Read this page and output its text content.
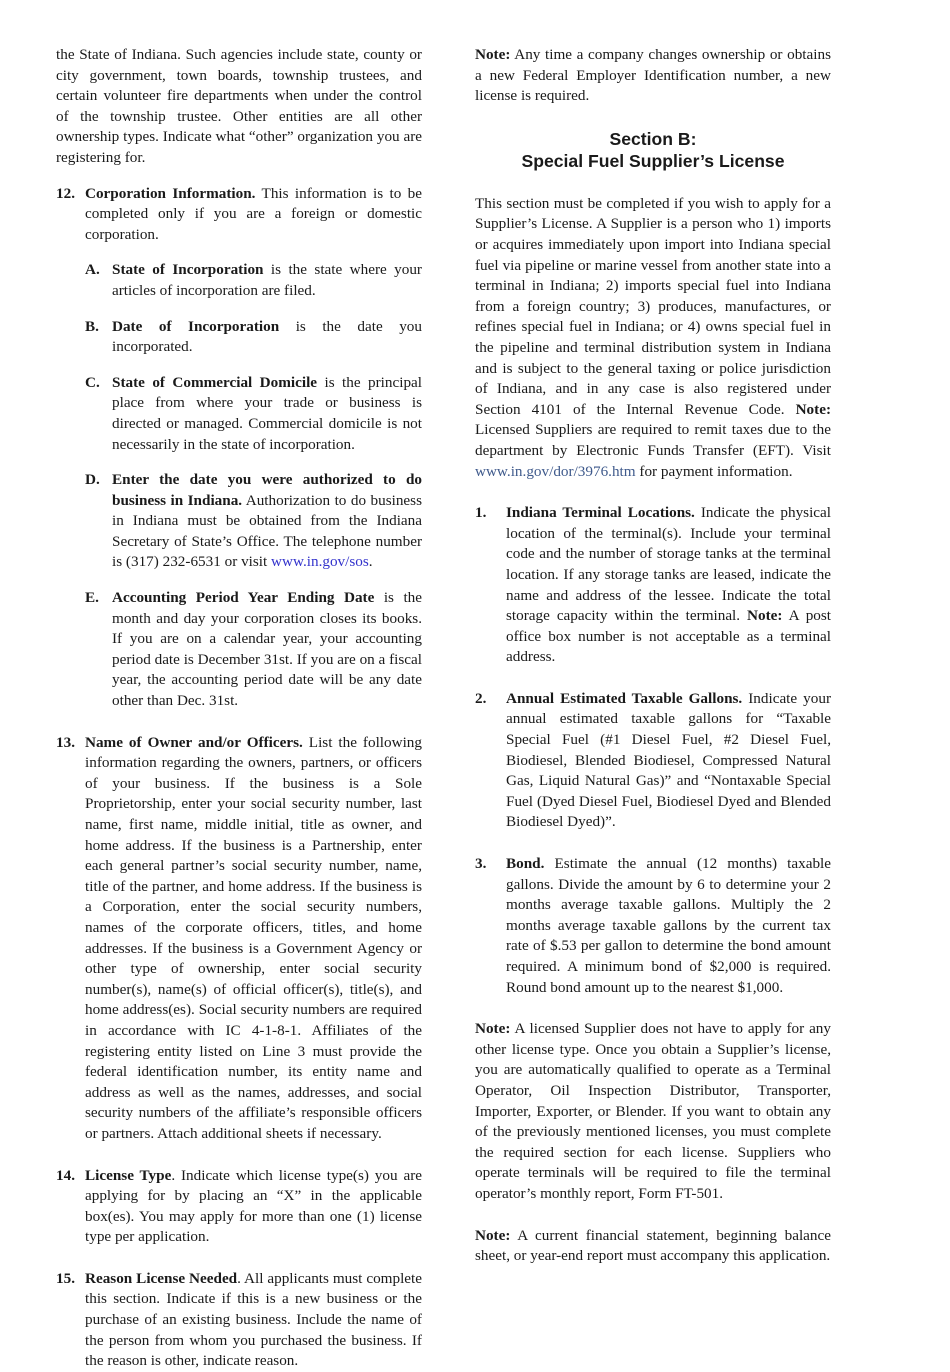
the State of Indiana. Such agencies include state, county or city government, town boards, township trustees, and certain volunteer fire departments when under the control of the township trustee. Other entities are all other ownership types. Indicate what “other” organization you are registering for.

12. Corporation Information. This information is to be completed only if you are a foreign or domestic corporation.
A. State of Incorporation is the state where your articles of incorporation are filed.
B. Date of Incorporation is the date you incorporated.
C. State of Commercial Domicile is the principal place from where your trade or business is directed or managed. Commercial domicile is not necessarily in the state of incorporation.
D. Enter the date you were authorized to do business in Indiana. Authorization to do business in Indiana must be obtained from the Indiana Secretary of State’s Office. The telephone number is (317) 232-6531 or visit www.in.gov/sos.
E. Accounting Period Year Ending Date is the month and day your corporation closes its books. If you are on a calendar year, your accounting period date is December 31st. If you are on a fiscal year, the accounting period date will be any date other than Dec. 31st.
13. Name of Owner and/or Officers. List the following information regarding the owners, partners, or officers of your business. If the business is a Sole Proprietorship, enter your social security number, last name, first name, middle initial, title as owner, and home address. If the business is a Partnership, enter each general partner’s social security number, name, title of the partner, and home address. If the business is a Corporation, enter the social security numbers, names of the corporate officers, titles, and home addresses. If the business is a Government Agency or other type of ownership, enter social security number(s), name(s) of official officer(s), title(s), and home address(es). Social security numbers are required in accordance with IC 4-1-8-1. Affiliates of the registering entity listed on Line 3 must provide the federal identification number, its entity name and address as well as the names, addresses, and social security numbers of the affiliate’s responsible officers or partners. Attach additional sheets if necessary.
14. License Type. Indicate which license type(s) you are applying for by placing an “X” in the applicable box(es). You may apply for more than one (1) license type per application.
15. Reason License Needed. All applicants must complete this section. Indicate if this is a new business or the purchase of an existing business. Include the name of the person from whom you purchased the business. If the reason is other, indicate reason.

Note: Any time a company changes ownership or obtains a new Federal Employer Identification number, a new license is required.

Section B:
Special Fuel Supplier’s License

This section must be completed if you wish to apply for a Supplier’s License. A Supplier is a person who 1) imports or acquires immediately upon import into Indiana special fuel via pipeline or marine vessel from another state into a terminal in Indiana; 2) imports special fuel into Indiana from a foreign country; 3) produces, manufactures, or refines special fuel in Indiana; or 4) owns special fuel in the pipeline and terminal distribution system in Indiana and is subject to the general taxing or police jurisdiction of Indiana, and in any case is also registered under Section 4101 of the Internal Revenue Code. Note: Licensed Suppliers are required to remit taxes due to the department by Electronic Funds Transfer (EFT). Visit www.in.gov/dor/3976.htm for payment information.

1.	Indiana Terminal Locations. Indicate the physical location of the terminal(s). Include your terminal code and the number of storage tanks at the terminal location. If any storage tanks are leased, indicate the name and address of the lessee. Indicate the total storage capacity within the terminal. Note: A post office box number is not acceptable as a terminal address.
2.	Annual Estimated Taxable Gallons. Indicate your annual estimated taxable gallons for “Taxable Special Fuel (#1 Diesel Fuel, #2 Diesel Fuel, Biodiesel, Blended Biodiesel, Compressed Natural Gas, Liquid Natural Gas)” and “Nontaxable Special Fuel (Dyed Diesel Fuel, Biodiesel Dyed and Blended Biodiesel Dyed)”.
3.	Bond. Estimate the annual (12 months) taxable gallons. Divide the amount by 6 to determine your 2 months average taxable gallons. Multiply the 2 months average taxable gallons by the current tax rate of $.53 per gallon to determine the bond amount required. A minimum bond of $2,000 is required. Round bond amount up to the nearest $1,000.

Note: A licensed Supplier does not have to apply for any other license type. Once you obtain a Supplier’s license, you are automatically qualified to operate as a Terminal Operator, Oil Inspection Distributor, Transporter, Importer, Exporter, or Blender. If you want to obtain any of the previously mentioned licenses, you must complete the required section for each license. Suppliers who operate terminals will be required to file the terminal operator’s monthly report, Form FT-501.

Note: A current financial statement, beginning balance sheet, or year-end report must accompany this application.
